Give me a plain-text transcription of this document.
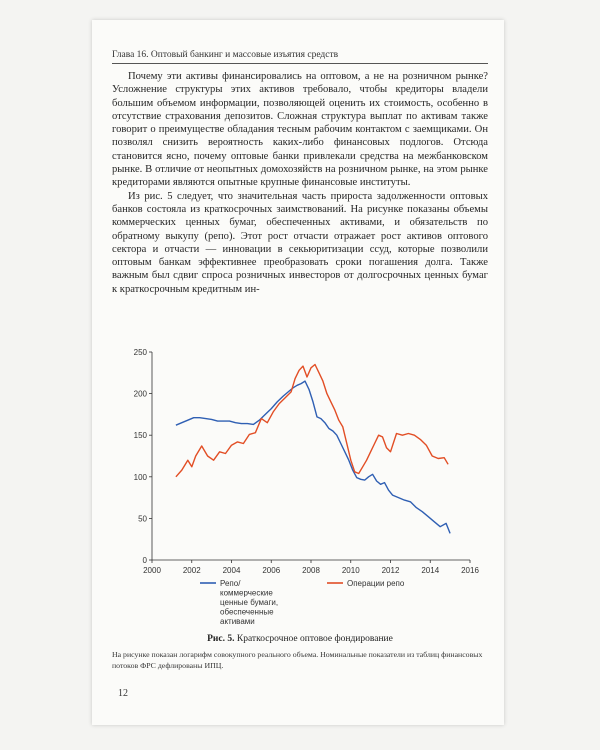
Глава 16. Оптовый банкинг и массовые изъятия средств

Почему эти активы финансировались на оптовом, а не на розничном рынке? Усложнение структуры этих активов требовало, чтобы кредиторы владели большим объемом информации, позволяющей оценить их стоимость, особенно в отсутствие страхования депозитов. Сложная структура выплат по активам также говорит о преимуществе обладания тесным рабочим контактом с заемщиками. Он позволял снизить вероятность каких-либо финансовых подлогов. Отсюда становится ясно, почему оптовые банки привлекали средства на межбанковском рынке. В отличие от неопытных домохозяйств на розничном рынке, на этом рынке кредиторами являются опытные крупные финансовые институты.

Из рис. 5 следует, что значительная часть прироста задолженности оптовых банков состояла из краткосрочных заимствований. На рисунке показаны объемы коммерческих ценных бумаг, обеспеченных активами, и обязательств по обратному выкупу (репо). Этот рост отчасти отражает рост активов оптового сектора и отчасти — инновации в секьюритизации ссуд, которые позволили оптовым банкам эффективнее преобразовать сроки погашения долга. Также важным был сдвиг спроса розничных инвесторов от долгосрочных ценных бумаг к краткосрочным кредитным ин-

0
50
100
150
200
250
2000	2002	2004	2006	2008	2010	2012	2014	2016
Репо/ коммерческие ценные бумаги, обеспеченные активами
Операции репо
Рис. 5. Краткосрочное оптовое фондирование
На рисунке показан логарифм совокупного реального объема. Номинальные показатели из таблиц финансовых потоков ФРС дефлированы ИПЦ.
12
